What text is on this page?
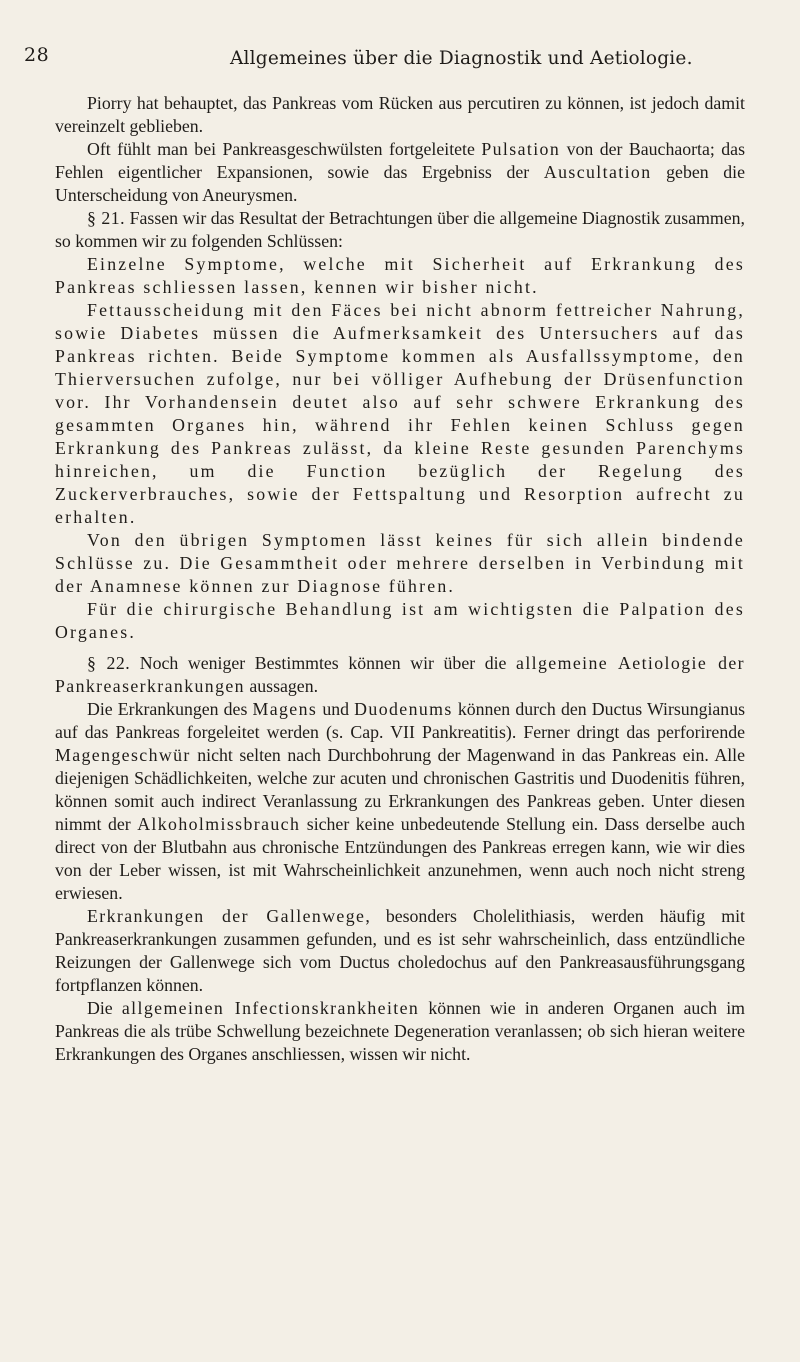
28	Allgemeines über die Diagnostik und Aetiologie.

Piorry hat behauptet, das Pankreas vom Rücken aus percutiren zu können, ist jedoch damit vereinzelt geblieben.

Oft fühlt man bei Pankreasgeschwülsten fortgeleitete Pulsation von der Bauchaorta; das Fehlen eigentlicher Expansionen, sowie das Ergebniss der Auscultation geben die Unterscheidung von Aneurysmen.

§ 21. Fassen wir das Resultat der Betrachtungen über die allgemeine Diagnostik zusammen, so kommen wir zu folgenden Schlüssen:

Einzelne Symptome, welche mit Sicherheit auf Erkrankung des Pankreas schliessen lassen, kennen wir bisher nicht.

Fettausscheidung mit den Fäces bei nicht abnorm fettreicher Nahrung, sowie Diabetes müssen die Aufmerksamkeit des Untersuchers auf das Pankreas richten. Beide Symptome kommen als Ausfallssymptome, den Thierversuchen zufolge, nur bei völliger Aufhebung der Drüsenfunction vor. Ihr Vorhandensein deutet also auf sehr schwere Erkrankung des gesammten Organes hin, während ihr Fehlen keinen Schluss gegen Erkrankung des Pankreas zulässt, da kleine Reste gesunden Parenchyms hinreichen, um die Function bezüglich der Regelung des Zuckerverbrauches, sowie der Fettspaltung und Resorption aufrecht zu erhalten.

Von den übrigen Symptomen lässt keines für sich allein bindende Schlüsse zu. Die Gesammtheit oder mehrere derselben in Verbindung mit der Anamnese können zur Diagnose führen.

Für die chirurgische Behandlung ist am wichtigsten die Palpation des Organes.

§ 22. Noch weniger Bestimmtes können wir über die allgemeine Aetiologie der Pankreaserkrankungen aussagen.

Die Erkrankungen des Magens und Duodenums können durch den Ductus Wirsungianus auf das Pankreas forgeleitet werden (s. Cap. VII Pankreatitis). Ferner dringt das perforirende Magengeschwür nicht selten nach Durchbohrung der Magenwand in das Pankreas ein. Alle diejenigen Schädlichkeiten, welche zur acuten und chronischen Gastritis und Duodenitis führen, können somit auch indirect Veranlassung zu Erkrankungen des Pankreas geben. Unter diesen nimmt der Alkoholmissbrauch sicher keine unbedeutende Stellung ein. Dass derselbe auch direct von der Blutbahn aus chronische Entzündungen des Pankreas erregen kann, wie wir dies von der Leber wissen, ist mit Wahrscheinlichkeit anzunehmen, wenn auch noch nicht streng erwiesen.

Erkrankungen der Gallenwege, besonders Cholelithiasis, werden häufig mit Pankreaserkrankungen zusammen gefunden, und es ist sehr wahrscheinlich, dass entzündliche Reizungen der Gallenwege sich vom Ductus choledochus auf den Pankreasausführungsgang fortpflanzen können.

Die allgemeinen Infectionskrankheiten können wie in anderen Organen auch im Pankreas die als trübe Schwellung bezeichnete Degeneration veranlassen; ob sich hieran weitere Erkrankungen des Organes anschliessen, wissen wir nicht.
